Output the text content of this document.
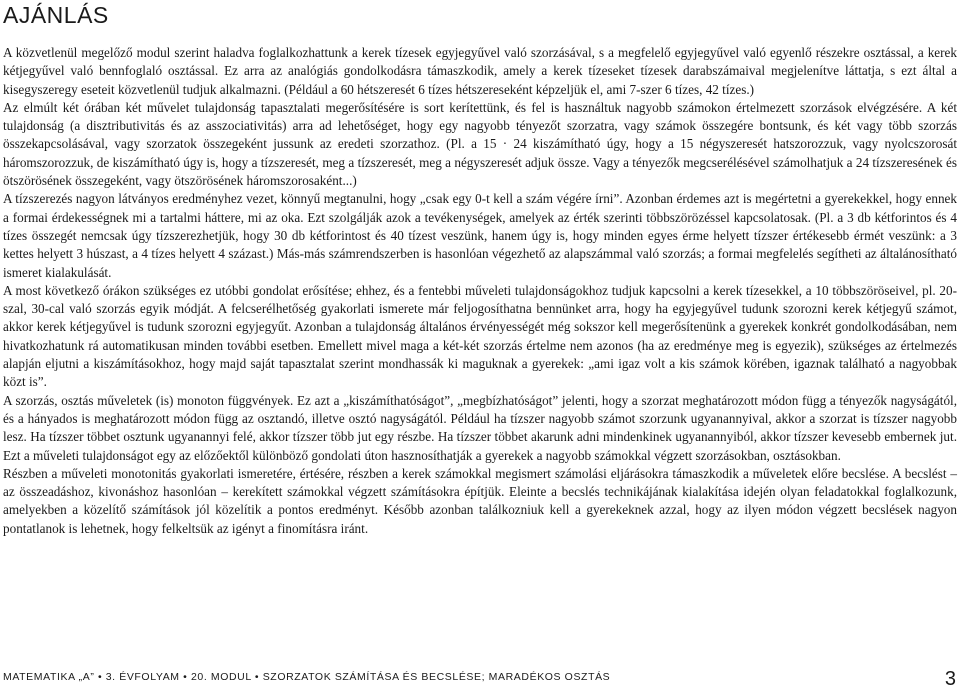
AJÁNLÁS

A közvetlenül megelőző modul szerint haladva foglalkozhattunk a kerek tízesek egyjegyűvel való szorzásával, s a megfelelő egyjegyűvel való egyenlő részekre osztással, a kerek kétjegyűvel való bennfoglaló osztással. Ez arra az analógiás gondolkodásra támaszkodik, amely a kerek tízeseket tízesek darabszámaival megjelenítve láttatja, s ezt által a kisegyszeregy eseteit közvetlenül tudjuk alkalmazni. (Például a 60 hétszeresét 6 tízes hétszereseként képzeljük el, ami 7-szer 6 tízes, 42 tízes.)

Az elmúlt két órában két művelet tulajdonság tapasztalati megerősítésére is sort kerítettünk, és fel is használtuk nagyobb számokon értelmezett szorzások elvégzésére. A két tulajdonság (a disztributivitás és az asszociativitás) arra ad lehetőséget, hogy egy nagyobb tényezőt szorzatra, vagy számok összegére bontsunk, és két vagy több szorzás összekapcsolásával, vagy szorzatok összegeként jussunk az eredeti szorzathoz. (Pl. a 15 · 24 kiszámítható úgy, hogy a 15 négyszeresét hatszorozzuk, vagy nyolcszorosát háromszorozzuk, de kiszámítható úgy is, hogy a tízszeresét, meg a tízszeresét, meg a négyszeresét adjuk össze. Vagy a tényezők megcserélésével számolhatjuk a 24 tízszeresének és ötszörösének összegeként, vagy ötszörösének háromszorosaként...)

A tízszerezés nagyon látványos eredményhez vezet, könnyű megtanulni, hogy „csak egy 0-t kell a szám végére írni”. Azonban érdemes azt is megértetni a gyerekekkel, hogy ennek a formai érdekességnek mi a tartalmi háttere, mi az oka. Ezt szolgálják azok a tevékenységek, amelyek az érték szerinti többszörözéssel kapcsolatosak. (Pl. a 3 db kétforintos és 4 tízes összegét nemcsak úgy tízszerezhetjük, hogy 30 db kétforintost és 40 tízest veszünk, hanem úgy is, hogy minden egyes érme helyett tízszer értékesebb érmét veszünk: a 3 kettes helyett 3 húszast, a 4 tízes helyett 4 százast.) Más-más számrendszerben is hasonlóan végezhető az alapszámmal való szorzás; a formai megfelelés segítheti az általánosítható ismeret kialakulását.

A most következő órákon szükséges ez utóbbi gondolat erősítése; ehhez, és a fentebbi műveleti tulajdonságokhoz tudjuk kapcsolni a kerek tízesekkel, a 10 többszöröseivel, pl. 20-szal, 30-cal való szorzás egyik módját. A felcserélhetőség gyakorlati ismerete már feljogosíthatna bennünket arra, hogy ha egyjegyűvel tudunk szorozni kerek kétjegyű számot, akkor kerek kétjegyűvel is tudunk szorozni egyjegyűt. Azonban a tulajdonság általános érvényességét még sokszor kell megerősítenünk a gyerekek konkrét gondolkodásában, nem hivatkozhatunk rá automatikusan minden további esetben. Emellett mivel maga a két-két szorzás értelme nem azonos (ha az eredménye meg is egyezik), szükséges az értelmezés alapján eljutni a kiszámításokhoz, hogy majd saját tapasztalat szerint mondhassák ki maguknak a gyerekek: „ami igaz volt a kis számok körében, igaznak található a nagyobbak közt is”.

A szorzás, osztás műveletek (is) monoton függvények. Ez azt a „kiszámíthatóságot”, „megbízhatóságot” jelenti, hogy a szorzat meghatározott módon függ a tényezők nagyságától, és a hányados is meghatározott módon függ az osztandó, illetve osztó nagyságától. Például ha tízszer nagyobb számot szorzunk ugyanannyival, akkor a szorzat is tízszer nagyobb lesz. Ha tízszer többet osztunk ugyanannyi felé, akkor tízszer több jut egy részbe. Ha tízszer többet akarunk adni mindenkinek ugyanannyiból, akkor tízszer kevesebb embernek jut. Ezt a műveleti tulajdonságot egy az előzőektől különböző gondolati úton hasznosíthatják a gyerekek a nagyobb számokkal végzett szorzásokban, osztásokban.

Részben a műveleti monotonitás gyakorlati ismeretére, értésére, részben a kerek számokkal megismert számolási eljárásokra támaszkodik a műveletek előre becslése. A becslést – az összeadáshoz, kivonáshoz hasonlóan – kerekített számokkal végzett számításokra építjük. Eleinte a becslés technikájának kialakítása idején olyan feladatokkal foglalkozunk, amelyekben a közelítő számítások jól közelítik a pontos eredményt. Később azonban találkozniuk kell a gyerekeknek azzal, hogy az ilyen módon végzett becslések nagyon pontatlanok is lehetnek, hogy felkeltsük az igényt a finomításra iránt.

MATEMATIKA „A” • 3. ÉVFOLYAM • 20. MODUL • SZORZATOK SZÁMÍTÁSA ÉS BECSLÉSE; MARADÉKOS OSZTÁS	3
